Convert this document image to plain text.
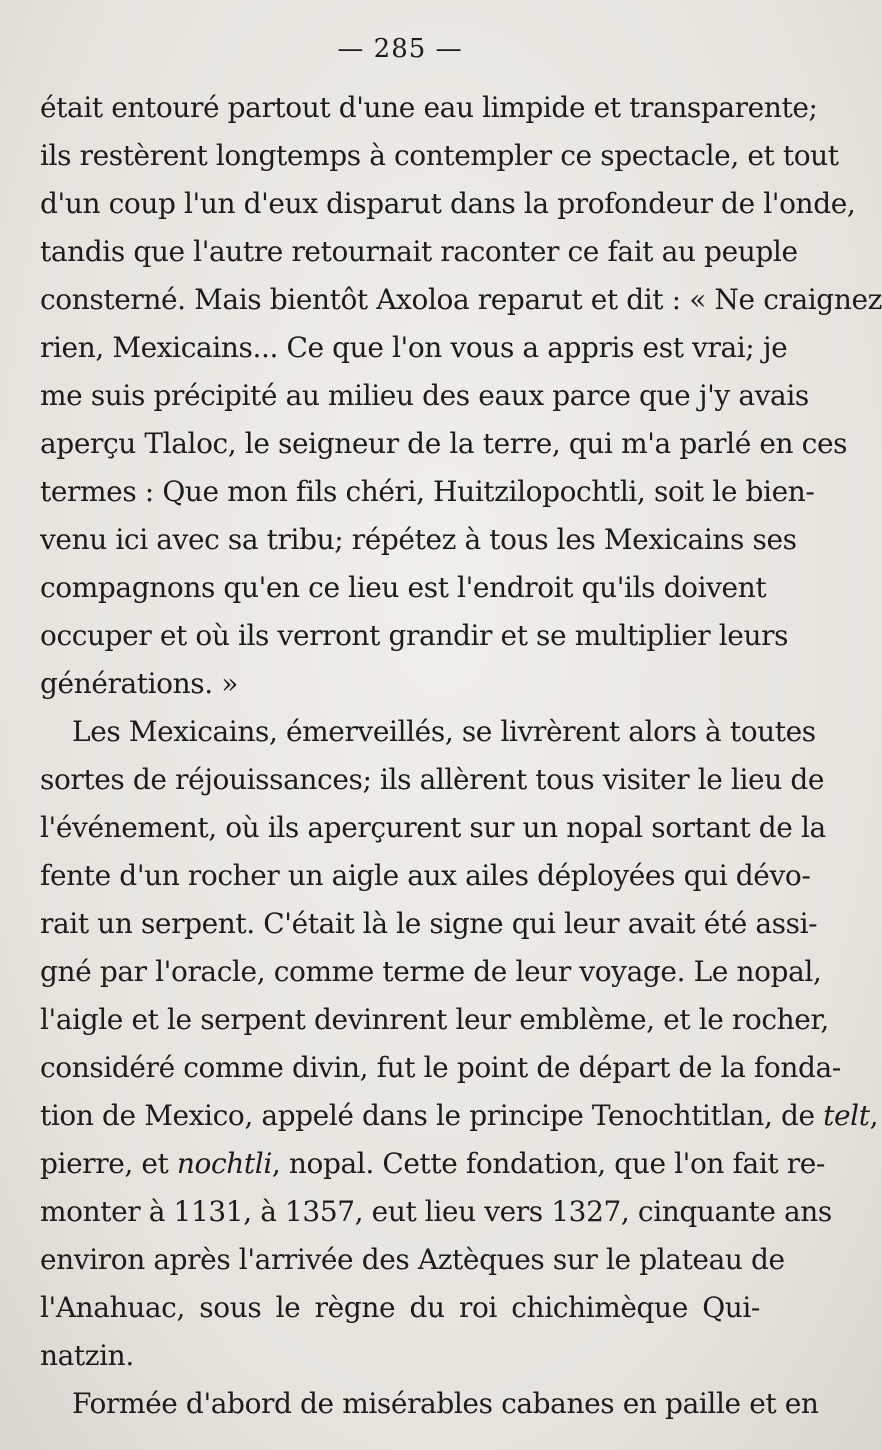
— 285 —
était entouré partout d'une eau limpide et transparente;
ils restèrent longtemps à contempler ce spectacle, et tout
d'un coup l'un d'eux disparut dans la profondeur de l'onde,
tandis que l'autre retournait raconter ce fait au peuple
consterné. Mais bientôt Axoloa reparut et dit : « Ne craignez
rien, Mexicains... Ce que l'on vous a appris est vrai; je
me suis précipité au milieu des eaux parce que j'y avais
aperçu Tlaloc, le seigneur de la terre, qui m'a parlé en ces
termes : Que mon fils chéri, Huitzilopochtli, soit le bien-
venu ici avec sa tribu; répétez à tous les Mexicains ses
compagnons qu'en ce lieu est l'endroit qu'ils doivent
occuper et où ils verront grandir et se multiplier leurs
générations. »
Les Mexicains, émerveillés, se livrèrent alors à toutes
sortes de réjouissances; ils allèrent tous visiter le lieu de
l'événement, où ils aperçurent sur un nopal sortant de la
fente d'un rocher un aigle aux ailes déployées qui dévo-
rait un serpent. C'était là le signe qui leur avait été assi-
gné par l'oracle, comme terme de leur voyage. Le nopal,
l'aigle et le serpent devinrent leur emblème, et le rocher,
considéré comme divin, fut le point de départ de la fonda-
tion de Mexico, appelé dans le principe Tenochtitlan, de telt,
pierre, et nochtli, nopal. Cette fondation, que l'on fait re-
monter à 1131, à 1357, eut lieu vers 1327, cinquante ans
environ après l'arrivée des Aztèques sur le plateau de
l'Anahuac, sous le règne du roi chichimèque Qui-
natzin.
Formée d'abord de misérables cabanes en paille et en
